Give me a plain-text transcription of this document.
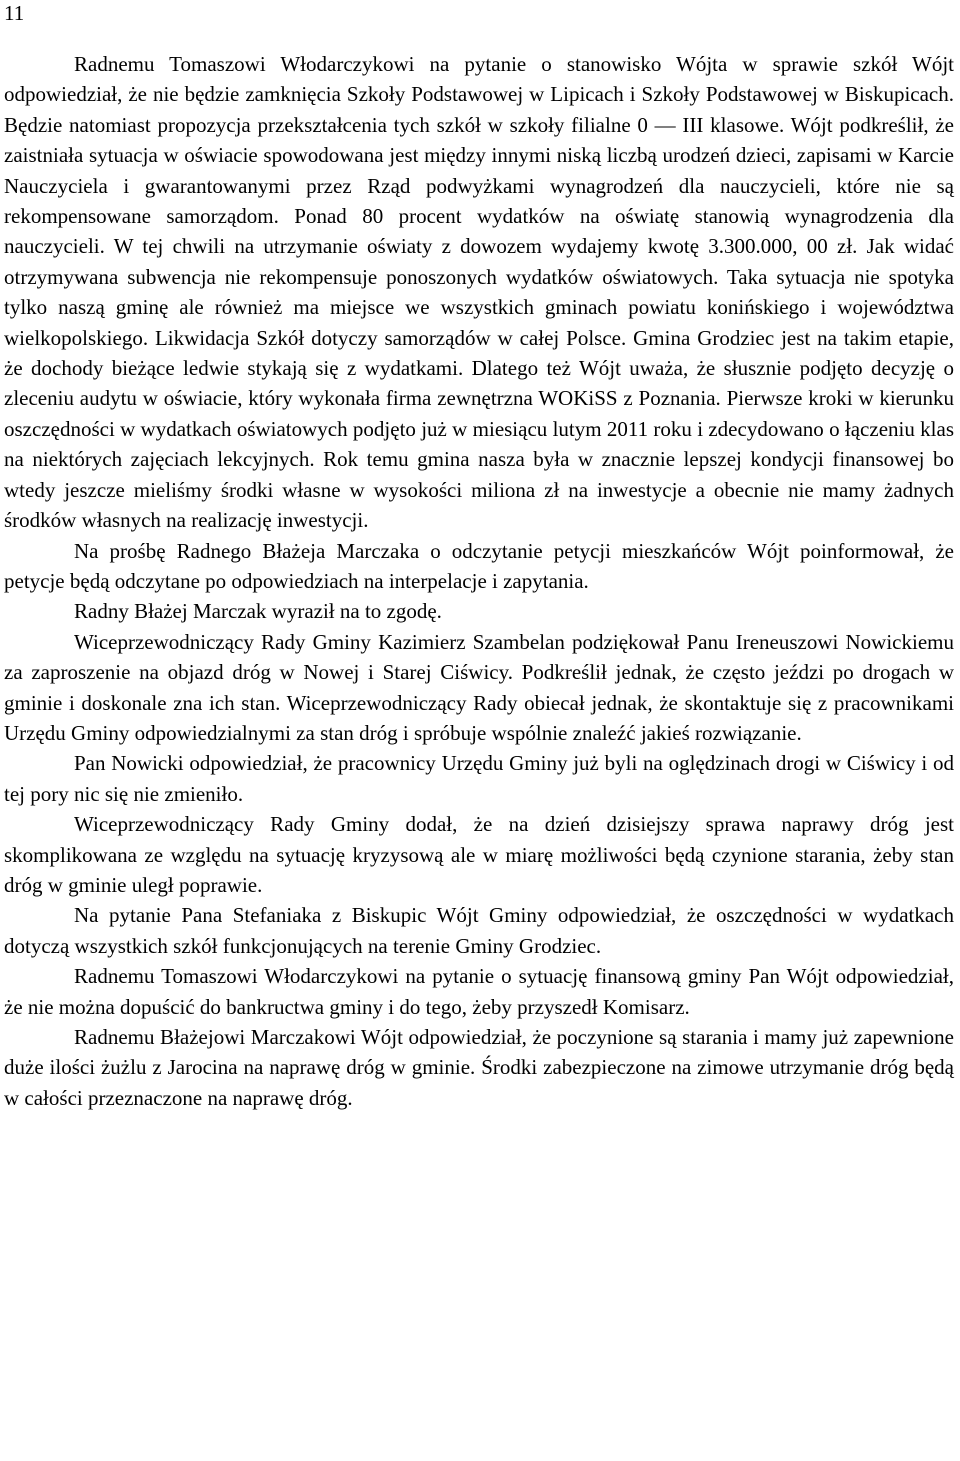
11

Radnemu Tomaszowi Włodarczykowi na pytanie o stanowisko Wójta w sprawie szkół Wójt odpowiedział, że nie będzie zamknięcia Szkoły Podstawowej w Lipicach i Szkoły Podstawowej w Biskupicach. Będzie natomiast propozycja przekształcenia tych szkół w szkoły filialne 0 — III klasowe. Wójt podkreślił, że zaistniała sytuacja w oświacie spowodowana jest między innymi niską liczbą urodzeń dzieci, zapisami w Karcie Nauczyciela i gwarantowanymi przez Rząd podwyżkami wynagrodzeń dla nauczycieli, które nie są rekompensowane samorządom. Ponad 80 procent wydatków na oświatę stanowią wynagrodzenia dla nauczycieli. W tej chwili na utrzymanie oświaty z dowozem wydajemy kwotę 3.300.000, 00 zł. Jak widać otrzymywana subwencja nie rekompensuje ponoszonych wydatków oświatowych. Taka sytuacja nie spotyka tylko naszą gminę ale również ma miejsce we wszystkich gminach powiatu konińskiego i województwa wielkopolskiego. Likwidacja Szkół dotyczy samorządów w całej Polsce. Gmina Grodziec jest na takim etapie, że dochody bieżące ledwie stykają się z wydatkami. Dlatego też Wójt uważa, że słusznie podjęto decyzję o zleceniu audytu w oświacie, który wykonała firma zewnętrzna WOKiSS z Poznania. Pierwsze kroki w kierunku oszczędności w wydatkach oświatowych podjęto już w miesiącu lutym 2011 roku i zdecydowano o łączeniu klas na niektórych zajęciach lekcyjnych. Rok temu gmina nasza była w znacznie lepszej kondycji finansowej bo wtedy jeszcze mieliśmy środki własne w wysokości miliona zł na inwestycje a obecnie nie mamy żadnych środków własnych na realizację inwestycji.

Na prośbę Radnego Błażeja Marczaka o odczytanie petycji mieszkańców Wójt poinformował, że petycje będą odczytane po odpowiedziach na interpelacje i zapytania.

Radny Błażej Marczak wyraził na to zgodę.

Wiceprzewodniczący Rady Gminy Kazimierz Szambelan podziękował Panu Ireneuszowi Nowickiemu za zaproszenie na objazd dróg w Nowej i Starej Ciświcy. Podkreślił jednak, że często jeździ po drogach w gminie i doskonale zna ich stan. Wiceprzewodniczący Rady obiecał jednak, że skontaktuje się z pracownikami Urzędu Gminy odpowiedzialnymi za stan dróg i spróbuje wspólnie znaleźć jakieś rozwiązanie.

Pan Nowicki odpowiedział, że pracownicy Urzędu Gminy już byli na oględzinach drogi w Ciświcy i od tej pory nic się nie zmieniło.

Wiceprzewodniczący Rady Gminy dodał, że na dzień dzisiejszy sprawa naprawy dróg jest skomplikowana ze względu na sytuację kryzysową ale w miarę możliwości będą czynione starania, żeby stan dróg w gminie uległ poprawie.

Na pytanie Pana Stefaniaka z Biskupic Wójt Gminy odpowiedział, że oszczędności w wydatkach dotyczą wszystkich szkół funkcjonujących na terenie Gminy Grodziec.

Radnemu Tomaszowi Włodarczykowi na pytanie o sytuację finansową gminy Pan Wójt odpowiedział, że nie można dopuścić do bankructwa gminy i do tego, żeby przyszedł Komisarz.

Radnemu Błażejowi Marczakowi Wójt odpowiedział, że poczynione są starania i mamy już zapewnione duże ilości żużlu z Jarocina na naprawę dróg w gminie. Środki zabezpieczone na zimowe utrzymanie dróg będą w całości przeznaczone na naprawę dróg.
